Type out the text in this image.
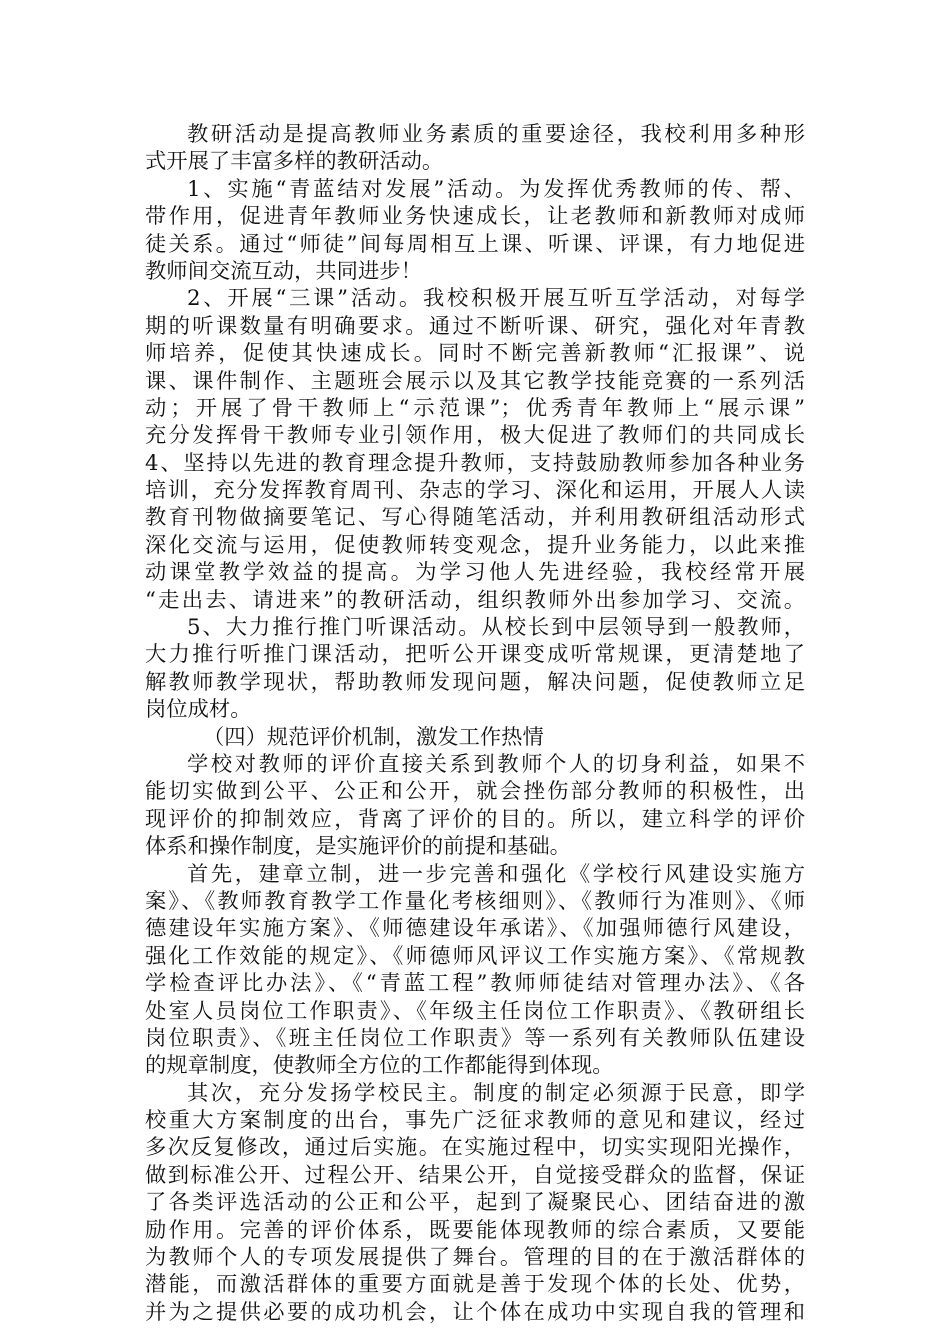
教研活动是提高教师业务素质的重要途径，我校利用多种形
式开展了丰富多样的教研活动。
1、实施“青蓝结对发展”活动。为发挥优秀教师的传、帮、
带作用，促进青年教师业务快速成长，让老教师和新教师对成师
徒关系。通过“师徒”间每周相互上课、听课、评课，有力地促进
教师间交流互动，共同进步！
2、开展“三课”活动。我校积极开展互听互学活动，对每学
期的听课数量有明确要求。通过不断听课、研究，强化对年青教
师培养，促使其快速成长。同时不断完善新教师“汇报课”、说
课、课件制作、主题班会展示以及其它教学技能竞赛的一系列活
动；开展了骨干教师上“示范课”；优秀青年教师上“展示课”
充分发挥骨干教师专业引领作用，极大促进了教师们的共同成长
4、坚持以先进的教育理念提升教师，支持鼓励教师参加各种业务
培训，充分发挥教育周刊、杂志的学习、深化和运用，开展人人读
教育刊物做摘要笔记、写心得随笔活动，并利用教研组活动形式
深化交流与运用，促使教师转变观念，提升业务能力，以此来推
动课堂教学效益的提高。为学习他人先进经验，我校经常开展
“走出去、请进来”的教研活动，组织教师外出参加学习、交流。
5、大力推行推门听课活动。从校长到中层领导到一般教师，
大力推行听推门课活动，把听公开课变成听常规课，更清楚地了
解教师教学现状，帮助教师发现问题，解决问题，促使教师立足
岗位成材。
（四）规范评价机制，激发工作热情
学校对教师的评价直接关系到教师个人的切身利益，如果不
能切实做到公平、公正和公开，就会挫伤部分教师的积极性，出
现评价的抑制效应，背离了评价的目的。所以，建立科学的评价
体系和操作制度，是实施评价的前提和基础。
首先，建章立制，进一步完善和强化《学校行风建设实施方
案》、《教师教育教学工作量化考核细则》、《教师行为准则》、《师
德建设年实施方案》、《师德建设年承诺》、《加强师德行风建设，
强化工作效能的规定》、《师德师风评议工作实施方案》、《常规教
学检查评比办法》、《“青蓝工程”教师师徒结对管理办法》、《各
处室人员岗位工作职责》、《年级主任岗位工作职责》、《教研组长
岗位职责》、《班主任岗位工作职责》等一系列有关教师队伍建设
的规章制度，使教师全方位的工作都能得到体现。
其次，充分发扬学校民主。制度的制定必须源于民意，即学
校重大方案制度的出台，事先广泛征求教师的意见和建议，经过
多次反复修改，通过后实施。在实施过程中，切实实现阳光操作，
做到标准公开、过程公开、结果公开，自觉接受群众的监督，保证
了各类评选活动的公正和公平，起到了凝聚民心、团结奋进的激
励作用。完善的评价体系，既要能体现教师的综合素质，又要能
为教师个人的专项发展提供了舞台。管理的目的在于激活群体的
潜能，而激活群体的重要方面就是善于发现个体的长处、优势，
并为之提供必要的成功机会，让个体在成功中实现自我的管理和
